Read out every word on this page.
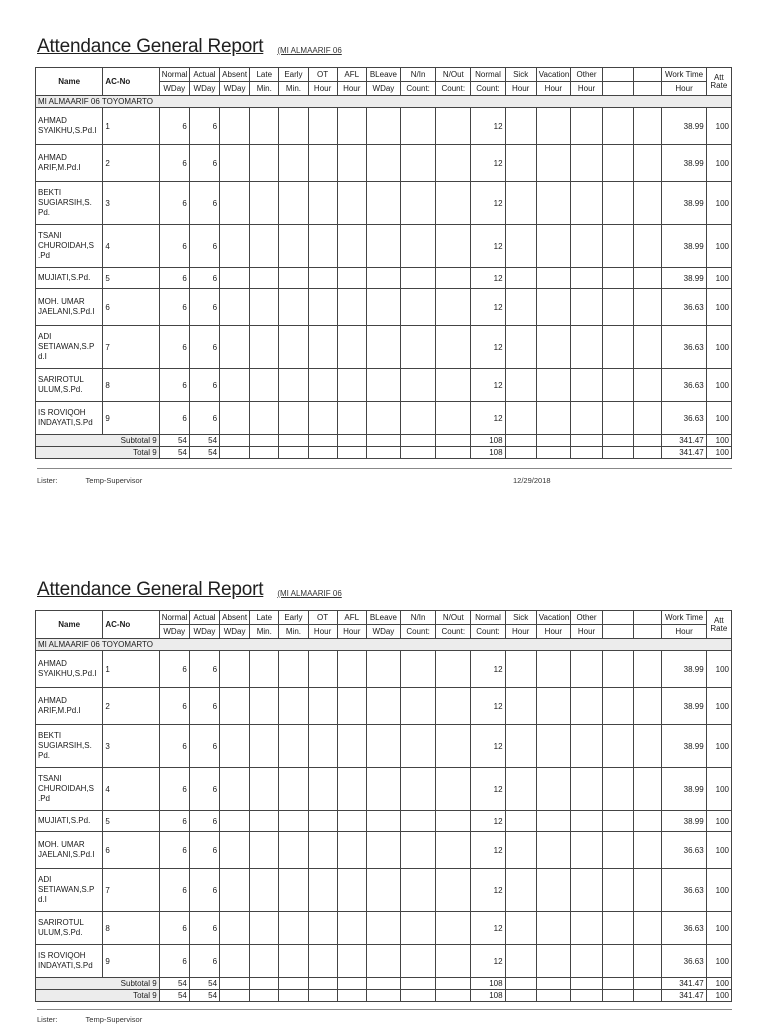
Attendance General Report (MI ALMAARIF 06
Name	AC-No	Normal	Actual	Absent	Late	Early	OT	AFL	BLeave	N/In	N/Out	Normal	Sick	Vacation	Other			Work Time	Att Rate
		WDay	WDay	WDay	Min.	Min.	Hour	Hour	WDay	Count:	Count:	Count:	Hour	Hour	Hour			Hour	
MI ALMAARIF 06 TOYOMARTO																			
AHMAD SYAIKHU,S.Pd.I	1	6	6									12						38.99	100
AHMAD ARIF,M.Pd.I	2	6	6									12						38.99	100
BEKTI SUGIARSIH,S. Pd.	3	6	6									12						38.99	100
TSANI CHUROIDAH,S .Pd	4	6	6									12						38.99	100
MUJIATI,S.Pd.	5	6	6									12						38.99	100
MOH. UMAR JAELANI,S.Pd.I	6	6	6									12						36.63	100
ADI SETIAWAN,S.P d.I	7	6	6									12						36.63	100
SARIROTUL ULUM,S.Pd.	8	6	6									12						36.63	100
IS ROVIQOH INDAYATI,S.Pd	9	6	6									12						36.63	100
Subtotal 9		54	54									108						341.47	100
Total 9		54	54									108						341.47	100
Lister:	Temp-Supervisor	12/29/2018
Attendance General Report (MI ALMAARIF 06
Name	AC-No	Normal	Actual	Absent	Late	Early	OT	AFL	BLeave	N/In	N/Out	Normal	Sick	Vacation	Other			Work Time	Att Rate
		WDay	WDay	WDay	Min.	Min.	Hour	Hour	WDay	Count:	Count:	Count:	Hour	Hour	Hour			Hour	
MI ALMAARIF 06 TOYOMARTO																			
AHMAD SYAIKHU,S.Pd.I	1	6	6									12						38.99	100
AHMAD ARIF,M.Pd.I	2	6	6									12						38.99	100
BEKTI SUGIARSIH,S. Pd.	3	6	6									12						38.99	100
TSANI CHUROIDAH,S .Pd	4	6	6									12						38.99	100
MUJIATI,S.Pd.	5	6	6									12						38.99	100
MOH. UMAR JAELANI,S.Pd.I	6	6	6									12						36.63	100
ADI SETIAWAN,S.P d.I	7	6	6									12						36.63	100
SARIROTUL ULUM,S.Pd.	8	6	6									12						36.63	100
IS ROVIQOH INDAYATI,S.Pd	9	6	6									12						36.63	100
Subtotal 9		54	54									108						341.47	100
Total 9		54	54									108						341.47	100
Lister:	Temp-Supervisor
